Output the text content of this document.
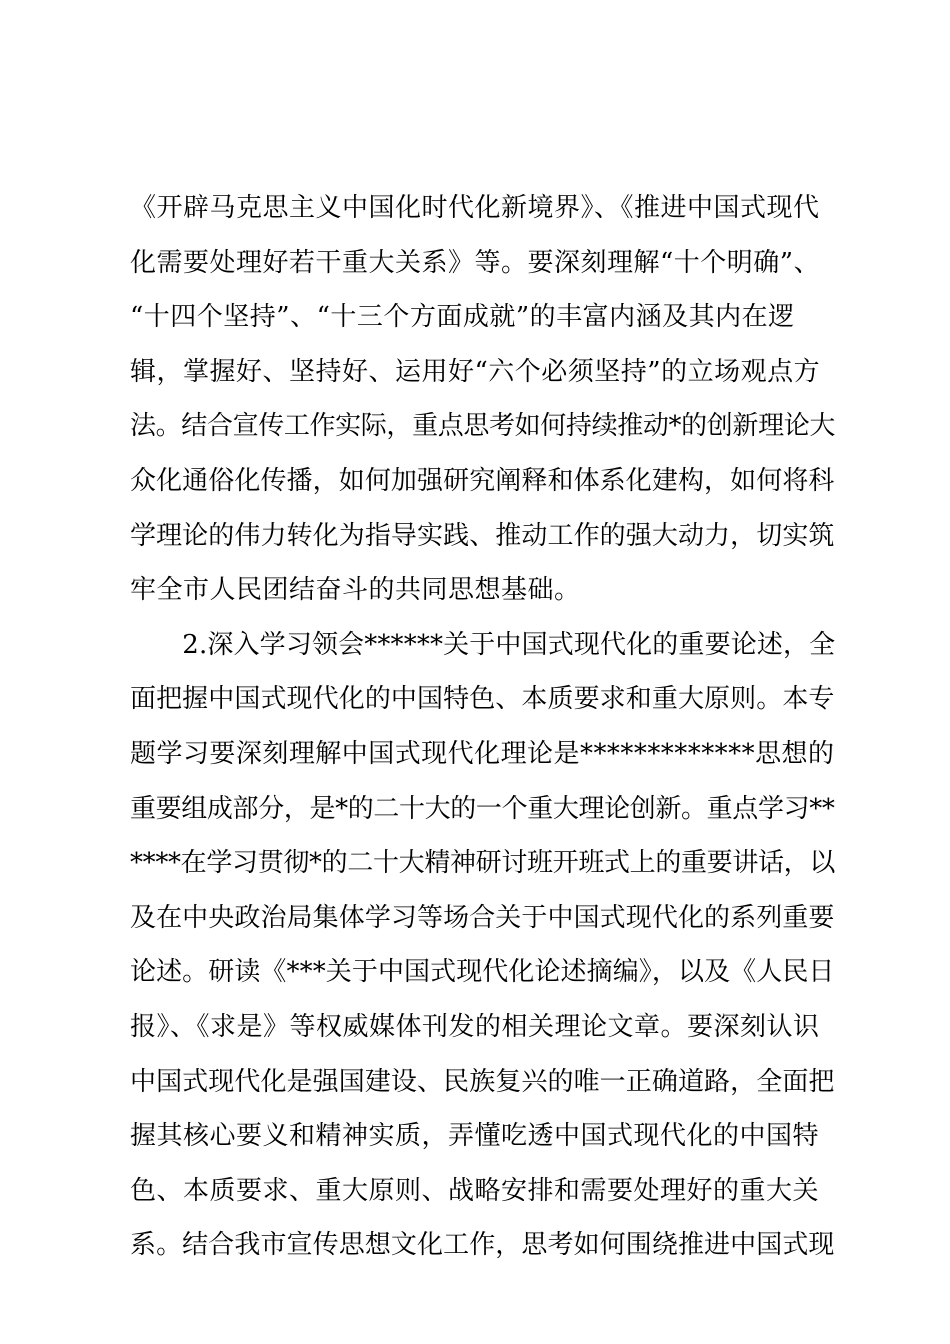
《开辟马克思主义中国化时代化新境界》、《推进中国式现代
化需要处理好若干重大关系》等。要深刻理解“十个明确”、
“十四个坚持”、“十三个方面成就”的丰富内涵及其内在逻
辑，掌握好、坚持好、运用好“六个必须坚持”的立场观点方
法。结合宣传工作实际，重点思考如何持续推动*的创新理论大
众化通俗化传播，如何加强研究阐释和体系化建构，如何将科
学理论的伟力转化为指导实践、推动工作的强大动力，切实筑
牢全市人民团结奋斗的共同思想基础。
　　2.深入学习领会******关于中国式现代化的重要论述，全
面把握中国式现代化的中国特色、本质要求和重大原则。本专
题学习要深刻理解中国式现代化理论是*************思想的
重要组成部分，是*的二十大的一个重大理论创新。重点学习**
****在学习贯彻*的二十大精神研讨班开班式上的重要讲话，以
及在中央政治局集体学习等场合关于中国式现代化的系列重要
论述。研读《***关于中国式现代化论述摘编》，以及《人民日
报》、《求是》等权威媒体刊发的相关理论文章。要深刻认识
中国式现代化是强国建设、民族复兴的唯一正确道路，全面把
握其核心要义和精神实质，弄懂吃透中国式现代化的中国特
色、本质要求、重大原则、战略安排和需要处理好的重大关
系。结合我市宣传思想文化工作，思考如何围绕推进中国式现
